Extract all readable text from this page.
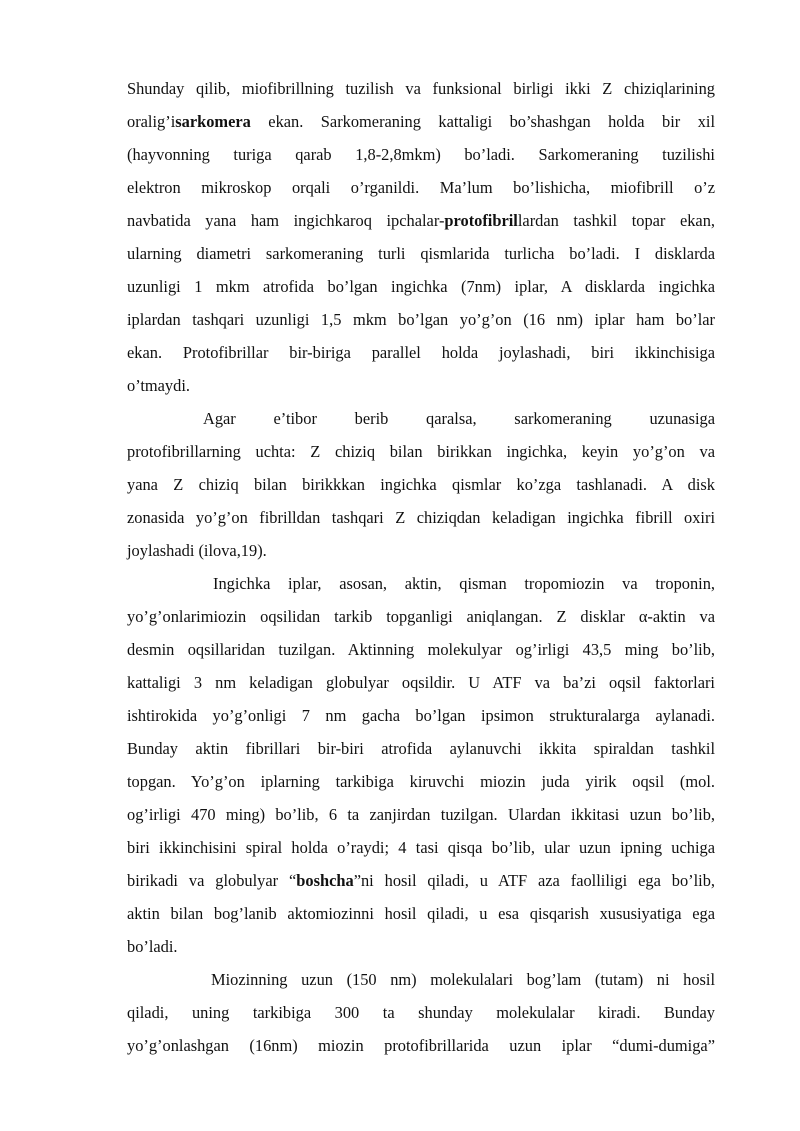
Shunday qilib, miofibrillning tuzilish va funksional birligi ikki Z chiziqlarining
oralig’isarkomera ekan. Sarkomeraning kattaligi bo’shashgan holda bir xil
(hayvonning turiga qarab 1,8-2,8mkm) bo’ladi. Sarkomeraning tuzilishi
elektron mikroskop orqali o’rganildi. Ma’lum bo’lishicha, miofibrill o’z
navbatida yana ham ingichkaroq ipchalar-protofibrillardan tashkil topar ekan,
ularning diametri sarkomeraning turli qismlarida turlicha bo’ladi. I disklarda
uzunligi 1 mkm atrofida bo’lgan ingichka (7nm) iplar, A disklarda ingichka
iplardan tashqari uzunligi 1,5 mkm bo’lgan yo’g’on (16 nm) iplar ham bo’lar
ekan. Protofibrillar bir-biriga parallel holda joylashadi, biri ikkinchisiga
o’tmaydi.
Agar e’tibor berib qaralsa, sarkomeraning uzunasiga
protofibrillarning uchta: Z chiziq bilan birikkan ingichka, keyin yo’g’on va
yana Z chiziq bilan birikkkan ingichka qismlar ko’zga tashlanadi. A disk
zonasida yo’g’on fibrilldan tashqari Z chiziqdan keladigan ingichka fibrill oxiri
joylashadi (ilova,19).
Ingichka iplar, asosan, aktin, qisman tropomiozin va troponin,
yo’g’onlarimiozin oqsilidan tarkib topganligi aniqlangan. Z disklar α-aktin va
desmin oqsillaridan tuzilgan. Aktinning molekulyar og’irligi 43,5 ming bo’lib,
kattaligi 3 nm keladigan globulyar oqsildir. U ATF va ba’zi oqsil faktorlari
ishtirokida yo’g’onligi 7 nm gacha bo’lgan ipsimon strukturalarga aylanadi.
Bunday aktin fibrillari bir-biri atrofida aylanuvchi ikkita spiraldan tashkil
topgan. Yo’g’on iplarning tarkibiga kiruvchi miozin juda yirik oqsil (mol.
og’irligi 470 ming) bo’lib, 6 ta zanjirdan tuzilgan. Ulardan ikkitasi uzun bo’lib,
biri ikkinchisini spiral holda o’raydi; 4 tasi qisqa bo’lib, ular uzun ipning uchiga
birikadi va globulyar “boshcha”ni hosil qiladi, u ATF aza faolliligi ega bo’lib,
aktin bilan bog’lanib aktomiozinni hosil qiladi, u esa qisqarish xususiyatiga ega
bo’ladi.
Miozinning uzun (150 nm) molekulalari bog’lam (tutam) ni hosil
qiladi, uning tarkibiga 300 ta shunday molekulalar kiradi. Bunday
yo’g’onlashgan (16nm) miozin protofibrillarida uzun iplar “dumi-dumiga”
